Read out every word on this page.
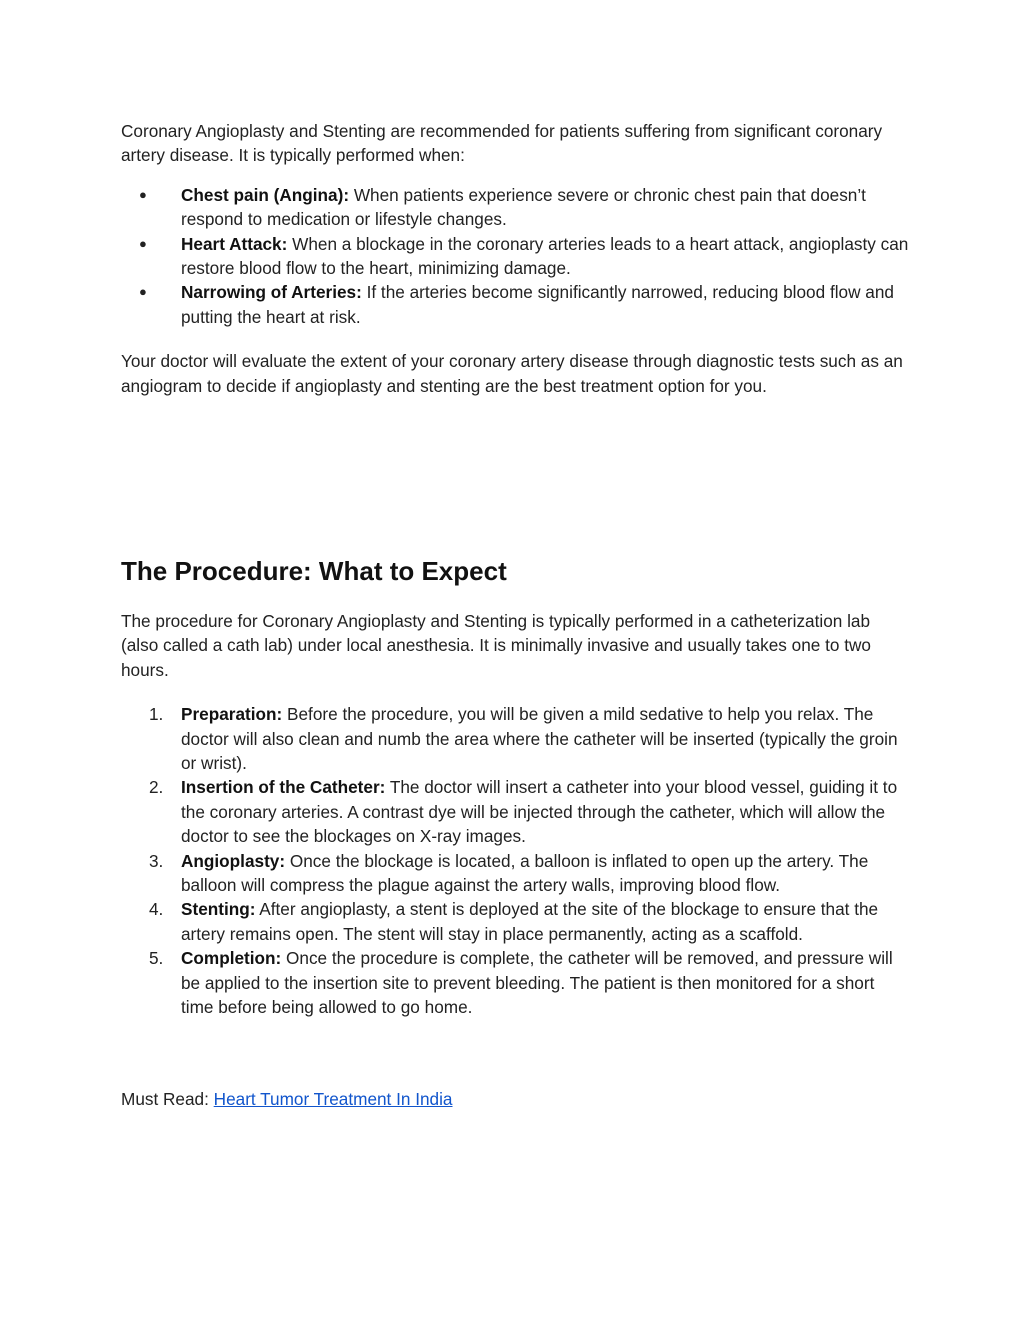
Coronary Angioplasty and Stenting are recommended for patients suffering from significant coronary artery disease. It is typically performed when:

●	Chest pain (Angina): When patients experience severe or chronic chest pain that doesn’t respond to medication or lifestyle changes.
●	Heart Attack: When a blockage in the coronary arteries leads to a heart attack, angioplasty can restore blood flow to the heart, minimizing damage.
●	Narrowing of Arteries: If the arteries become significantly narrowed, reducing blood flow and putting the heart at risk.

Your doctor will evaluate the extent of your coronary artery disease through diagnostic tests such as an angiogram to decide if angioplasty and stenting are the best treatment option for you.

The Procedure: What to Expect

The procedure for Coronary Angioplasty and Stenting is typically performed in a catheterization lab (also called a cath lab) under local anesthesia. It is minimally invasive and usually takes one to two hours.

1.	Preparation: Before the procedure, you will be given a mild sedative to help you relax. The doctor will also clean and numb the area where the catheter will be inserted (typically the groin or wrist).
2.	Insertion of the Catheter: The doctor will insert a catheter into your blood vessel, guiding it to the coronary arteries. A contrast dye will be injected through the catheter, which will allow the doctor to see the blockages on X-ray images.
3.	Angioplasty: Once the blockage is located, a balloon is inflated to open up the artery. The balloon will compress the plague against the artery walls, improving blood flow.
4.	Stenting: After angioplasty, a stent is deployed at the site of the blockage to ensure that the artery remains open. The stent will stay in place permanently, acting as a scaffold.
5.	Completion: Once the procedure is complete, the catheter will be removed, and pressure will be applied to the insertion site to prevent bleeding. The patient is then monitored for a short time before being allowed to go home.

Must Read: Heart Tumor Treatment In India
